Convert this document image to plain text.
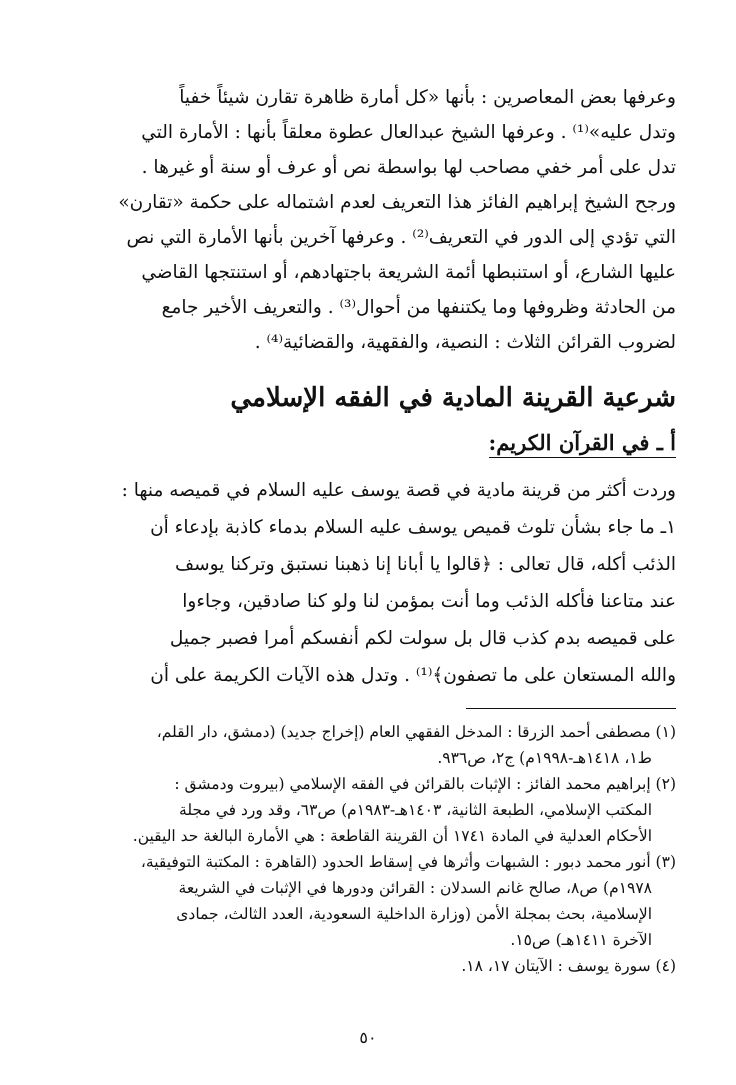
وعرفها بعض المعاصرين : بأنها «كل أمارة ظاهرة تقارن شيئاً خفياً
وتدل عليه»⁽¹⁾ . وعرفها الشيخ عبدالعال عطوة معلقاً بأنها : الأمارة التي
تدل على أمر خفي مصاحب لها بواسطة نص أو عرف أو سنة أو غيرها .
ورجح الشيخ إبراهيم الفائز هذا التعريف لعدم اشتماله على حكمة «تقارن»
التي تؤدي إلى الدور في التعريف⁽²⁾ . وعرفها آخرين بأنها الأمارة التي نص
عليها الشارع، أو استنبطها أئمة الشريعة باجتهادهم، أو استنتجها القاضي
من الحادثة وظروفها وما يكتنفها من أحوال⁽³⁾ . والتعريف الأخير جامع
لضروب القرائن الثلاث : النصية، والفقهية، والقضائية⁽⁴⁾ .
شرعية القرينة المادية في الفقه الإسلامي
أ ـ في القرآن الكريم:
وردت أكثر من قرينة مادية في قصة يوسف عليه السلام في قميصه منها :
١ـ ما جاء بشأن تلوث قميص يوسف عليه السلام بدماء كاذبة بإدعاء أن
الذئب أكله، قال تعالى : ﴿قالوا يا أبانا إنا ذهبنا نستبق وتركنا يوسف
عند متاعنا فأكله الذئب وما أنت بمؤمن لنا ولو كنا صادقين، وجاءوا
على قميصه بدم كذب قال بل سولت لكم أنفسكم أمرا فصبر جميل
والله المستعان على ما تصفون﴾⁽¹⁾ . وتدل هذه الآيات الكريمة على أن
(١) مصطفى أحمد الزرقا : المدخل الفقهي العام (إخراج جديد) (دمشق، دار القلم،
ط١، ١٤١٨هـ-١٩٩٨م) ج٢، ص٩٣٦.
(٢) إبراهيم محمد الفائز : الإثبات بالقرائن في الفقه الإسلامي (بيروت ودمشق :
المكتب الإسلامي، الطبعة الثانية، ١٤٠٣هـ-١٩٨٣م) ص٦٣، وقد ورد في مجلة
الأحكام العدلية في المادة ١٧٤١ أن القرينة القاطعة : هي الأمارة البالغة حد اليقين.
(٣) أنور محمد دبور : الشبهات وأثرها في إسقاط الحدود (القاهرة : المكتبة التوفيقية،
١٩٧٨م) ص٨، صالح غانم السدلان : القرائن ودورها في الإثبات في الشريعة
الإسلامية، بحث بمجلة الأمن (وزارة الداخلية السعودية، العدد الثالث، جمادى
الآخرة ١٤١١هـ) ص١٥.
(٤) سورة يوسف : الآيتان ١٧، ١٨.
٥٠
